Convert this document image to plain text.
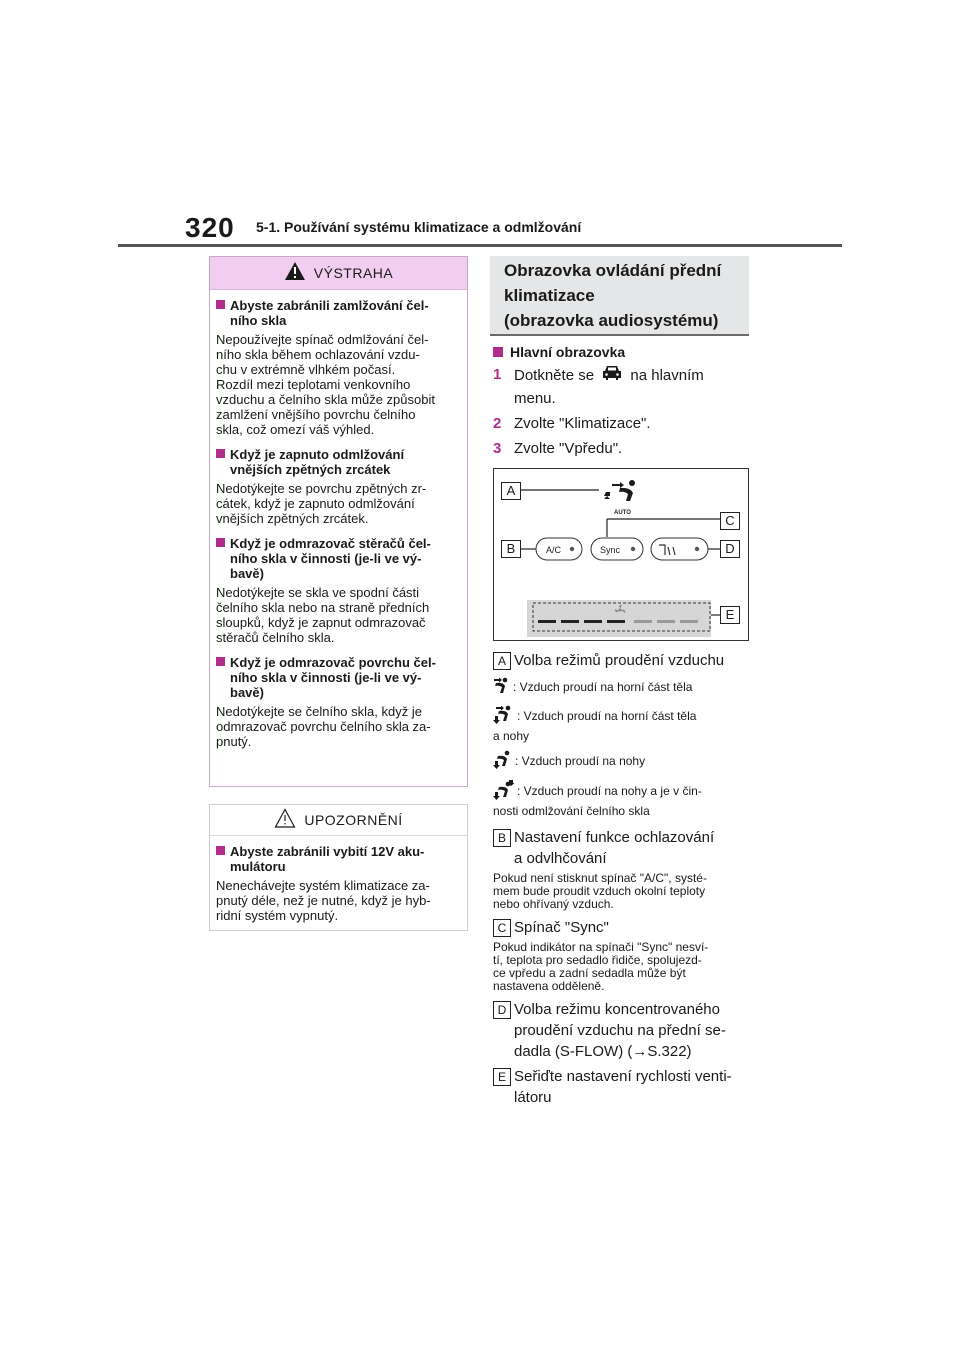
320 5-1. Používání systému klimatizace a odmlžování
VÝSTRAHA
Abyste zabránili zamlžování čel-
ního skla
Nepoužívejte spínač odmlžování čel-
ního skla během ochlazování vzdu-
chu v extrémně vlhkém počasí.
Rozdíl mezi teplotami venkovního
vzduchu a čelního skla může způsobit
zamlžení vnějšího povrchu čelního
skla, což omezí váš výhled.
Když je zapnuto odmlžování
vnějších zpětných zrcátek
Nedotýkejte se povrchu zpětných zr-
cátek, když je zapnuto odmlžování
vnějších zpětných zrcátek.
Když je odmrazovač stěračů čel-
ního skla v činnosti (je-li ve vý-
bavě)
Nedotýkejte se skla ve spodní části
čelního skla nebo na straně předních
sloupků, když je zapnut odmrazovač
stěračů čelního skla.
Když je odmrazovač povrchu čel-
ního skla v činnosti (je-li ve vý-
bavě)
Nedotýkejte se čelního skla, když je
odmrazovač povrchu čelního skla za-
pnutý.
UPOZORNĚNÍ
Abyste zabránili vybití 12V aku-
mulátoru
Nenechávejte systém klimatizace za-
pnutý déle, než je nutné, když je hyb-
ridní systém vypnutý.
Obrazovka ovládání přední
klimatizace
(obrazovka audiosystému)
Hlavní obrazovka
1 Dotkněte se na hlavním
menu.
2 Zvolte "Klimatizace".
3 Zvolte "Vpředu".
AUTO
A/C	Sync
A
B
C
D
E
A Volba režimů proudění vzduchu
: Vzduch proudí na horní část těla
: Vzduch proudí na horní část těla
a nohy
: Vzduch proudí na nohy
: Vzduch proudí na nohy a je v čin-
nosti odmlžování čelního skla
B Nastavení funkce ochlazování
a odvlhčování
Pokud není stisknut spínač "A/C", systé-
mem bude proudit vzduch okolní teploty
nebo ohřívaný vzduch.
C Spínač "Sync"
Pokud indikátor na spínači "Sync" nesví-
tí, teplota pro sedadlo řidiče, spolujezd-
ce vpředu a zadní sedadla může být
nastavena odděleně.
D Volba režimu koncentrovaného
proudění vzduchu na přední se-
dadla (S-FLOW) (→S.322)
E Seřiďte nastavení rychlosti venti-
látoru
